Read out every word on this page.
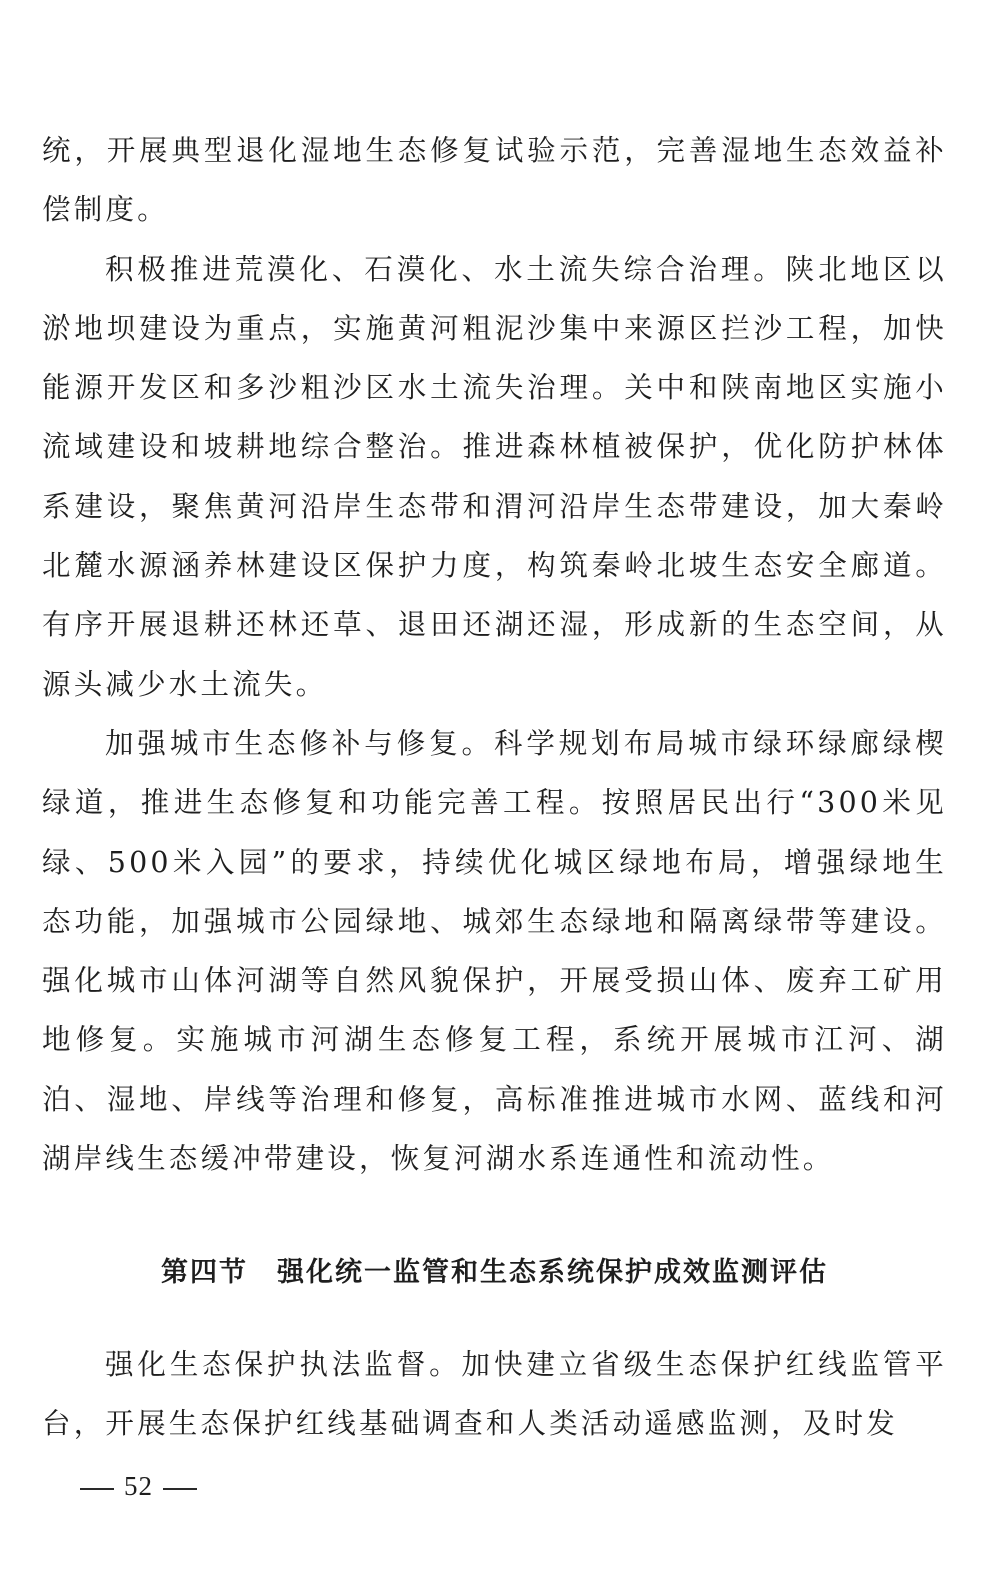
统，开展典型退化湿地生态修复试验示范，完善湿地生态效益补偿制度。

积极推进荒漠化、石漠化、水土流失综合治理。陕北地区以淤地坝建设为重点，实施黄河粗泥沙集中来源区拦沙工程，加快能源开发区和多沙粗沙区水土流失治理。关中和陕南地区实施小流域建设和坡耕地综合整治。推进森林植被保护，优化防护林体系建设，聚焦黄河沿岸生态带和渭河沿岸生态带建设，加大秦岭北麓水源涵养林建设区保护力度，构筑秦岭北坡生态安全廊道。有序开展退耕还林还草、退田还湖还湿，形成新的生态空间，从源头减少水土流失。

加强城市生态修补与修复。科学规划布局城市绿环绿廊绿楔绿道，推进生态修复和功能完善工程。按照居民出行“300米见绿、500米入园”的要求，持续优化城区绿地布局，增强绿地生态功能，加强城市公园绿地、城郊生态绿地和隔离绿带等建设。强化城市山体河湖等自然风貌保护，开展受损山体、废弃工矿用地修复。实施城市河湖生态修复工程，系统开展城市江河、湖泊、湿地、岸线等治理和修复，高标准推进城市水网、蓝线和河湖岸线生态缓冲带建设，恢复河湖水系连通性和流动性。

第四节　强化统一监管和生态系统保护成效监测评估

强化生态保护执法监督。加快建立省级生态保护红线监管平台，开展生态保护红线基础调查和人类活动遥感监测，及时发

52
